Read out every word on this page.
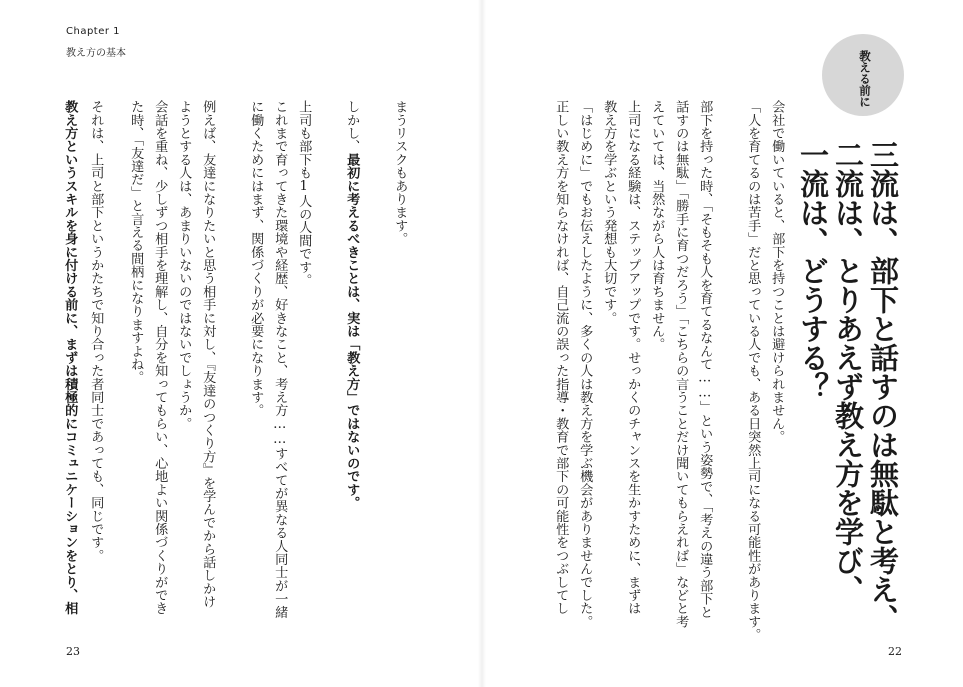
Chapter 1
教え方の基本	教える前に
三流は、部下と話すのは無駄と考え、
二流は、とりあえず教え方を学び、
一流は、どうする？
会社で働いていると、部下を持つことは避けられません。
「人を育てるのは苦手」だと思っている人でも、ある日突然上司になる可能性があります。
部下を持った時、「そもそも人を育てるなんて……」という姿勢で、「考えの違う部下と
話すのは無駄」「勝手に育つだろう」「こちらの言うことだけ聞いてもらえれば」などと考
えていては、当然ながら人は育ちません。
上司になる経験は、ステップアップです。せっかくのチャンスを生かすために、まずは
教え方を学ぶという発想も大切です。
「はじめに」でもお伝えしたように、多くの人は教え方を学ぶ機会がありませんでした。
正しい教え方を知らなければ、自己流の誤った指導・教育で部下の可能性をつぶしてし
まうリスクもあります。
しかし、最初に考えるべきことは、実は「教え方」ではないのです。
上司も部下も1人の人間です。
これまで育ってきた環境や経歴、好きなこと、考え方……すべてが異なる人同士が一緒
に働くためにはまず、関係づくりが必要になります。
例えば、友達になりたいと思う相手に対し、『友達のつくり方』を学んでから話しかけ
ようとする人は、あまりいないのではないでしょうか。
会話を重ね、少しずつ相手を理解し、自分を知ってもらい、心地よい関係づくりができ
た時、「友達だ」と言える間柄になりますよね。
それは、上司と部下というかたちで知り合った者同士であっても、同じです。
教え方というスキルを身に付ける前に、まずは積極的にコミュニケーションをとり、相
23	22
